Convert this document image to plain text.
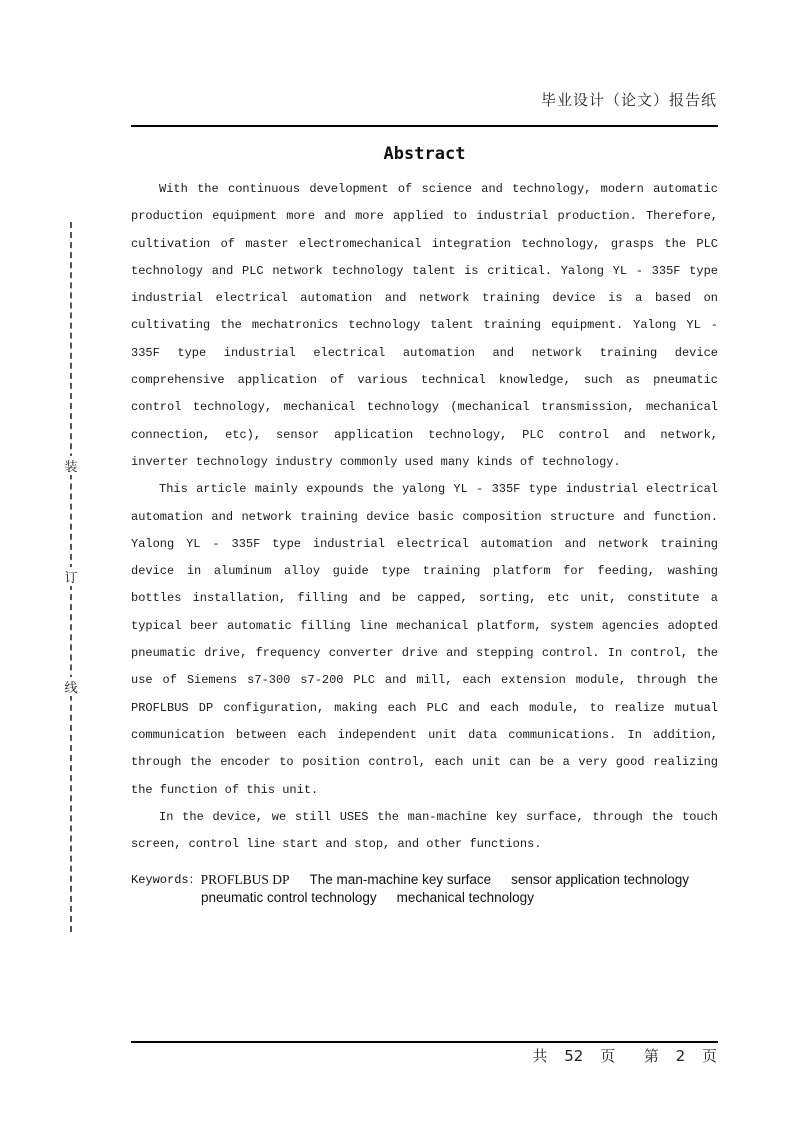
毕业设计（论文）报告纸
装
订
线
Abstract

With the continuous development of science and technology, modern automatic production equipment more and more applied to industrial production. Therefore, cultivation of master electromechanical integration technology, grasps the PLC technology and PLC network technology talent is critical. Yalong YL - 335F type industrial electrical automation and network training device is a based on cultivating the mechatronics technology talent training equipment. Yalong YL - 335F type industrial electrical automation and network training device comprehensive application of various technical knowledge, such as pneumatic control technology, mechanical technology (mechanical transmission, mechanical connection, etc), sensor application technology, PLC control and network, inverter technology industry commonly used many kinds of technology.

This article mainly expounds the yalong YL - 335F type industrial electrical automation and network training device basic composition structure and function. Yalong YL - 335F type industrial electrical automation and network training device in aluminum alloy guide type training platform for feeding, washing bottles installation, filling and be capped, sorting, etc unit, constitute a typical beer automatic filling line mechanical platform, system agencies adopted pneumatic drive, frequency converter drive and stepping control. In control, the use of Siemens s7-300 s7-200 PLC and mill, each extension module, through the PROFLBUS DP configuration, making each PLC and each module, to realize mutual communication between each independent unit data communications. In addition, through the encoder to position control, each unit can be a very good realizing the function of this unit.

In the device, we still USES the man-machine key surface, through the touch screen, control line start and stop, and other functions.

Keywords： PROFLBUS DP The man-machine key surface sensor application technology
pneumatic control technology mechanical technology
共 52 页 第 2 页
